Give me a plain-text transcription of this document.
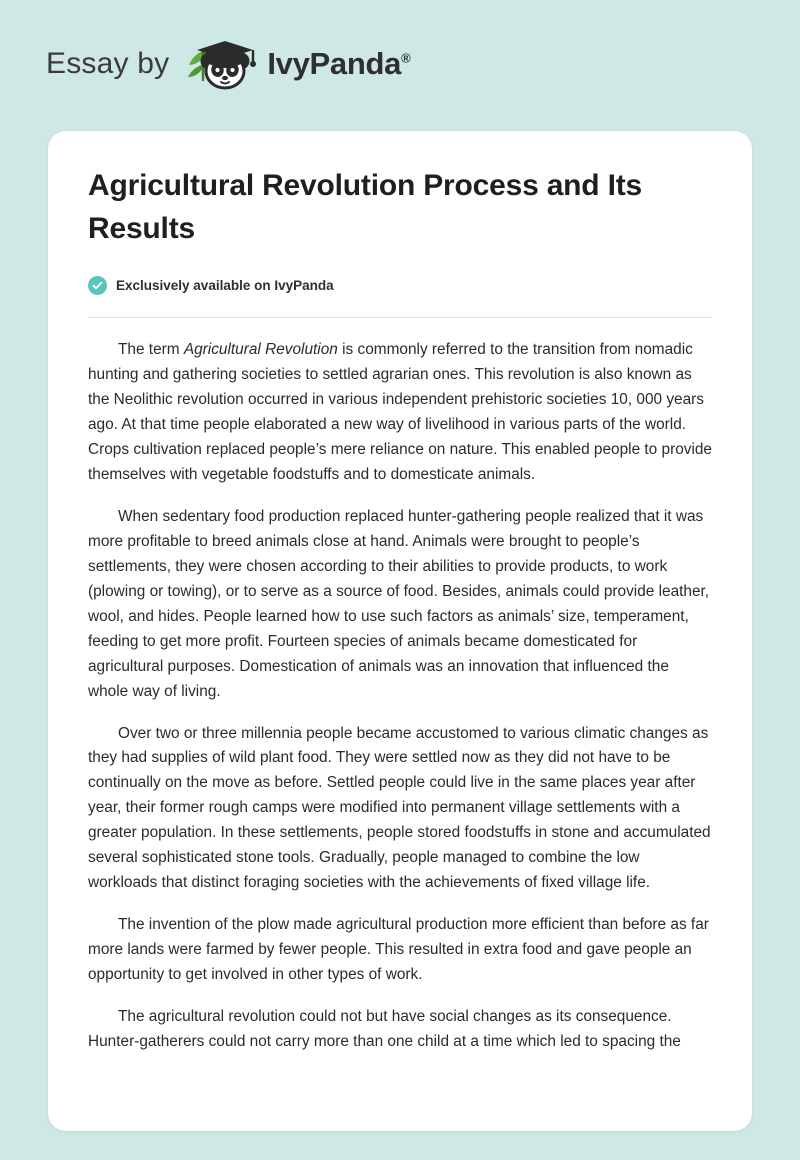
Essay by	IvyPanda®
Agricultural Revolution Process and Its Results
Exclusively available on IvyPanda

The term Agricultural Revolution is commonly referred to the transition from nomadic hunting and gathering societies to settled agrarian ones. This revolution is also known as the Neolithic revolution occurred in various independent prehistoric societies 10, 000 years ago. At that time people elaborated a new way of livelihood in various parts of the world. Crops cultivation replaced people’s mere reliance on nature. This enabled people to provide themselves with vegetable foodstuffs and to domesticate animals.

When sedentary food production replaced hunter-gathering people realized that it was more profitable to breed animals close at hand. Animals were brought to people’s settlements, they were chosen according to their abilities to provide products, to work (plowing or towing), or to serve as a source of food. Besides, animals could provide leather, wool, and hides. People learned how to use such factors as animals’ size, temperament, feeding to get more profit. Fourteen species of animals became domesticated for agricultural purposes. Domestication of animals was an innovation that influenced the whole way of living.

Over two or three millennia people became accustomed to various climatic changes as they had supplies of wild plant food. They were settled now as they did not have to be continually on the move as before. Settled people could live in the same places year after year, their former rough camps were modified into permanent village settlements with a greater population. In these settlements, people stored foodstuffs in stone and accumulated several sophisticated stone tools. Gradually, people managed to combine the low workloads that distinct foraging societies with the achievements of fixed village life.

The invention of the plow made agricultural production more efficient than before as far more lands were farmed by fewer people. This resulted in extra food and gave people an opportunity to get involved in other types of work.

The agricultural revolution could not but have social changes as its consequence. Hunter-gatherers could not carry more than one child at a time which led to spacing the
